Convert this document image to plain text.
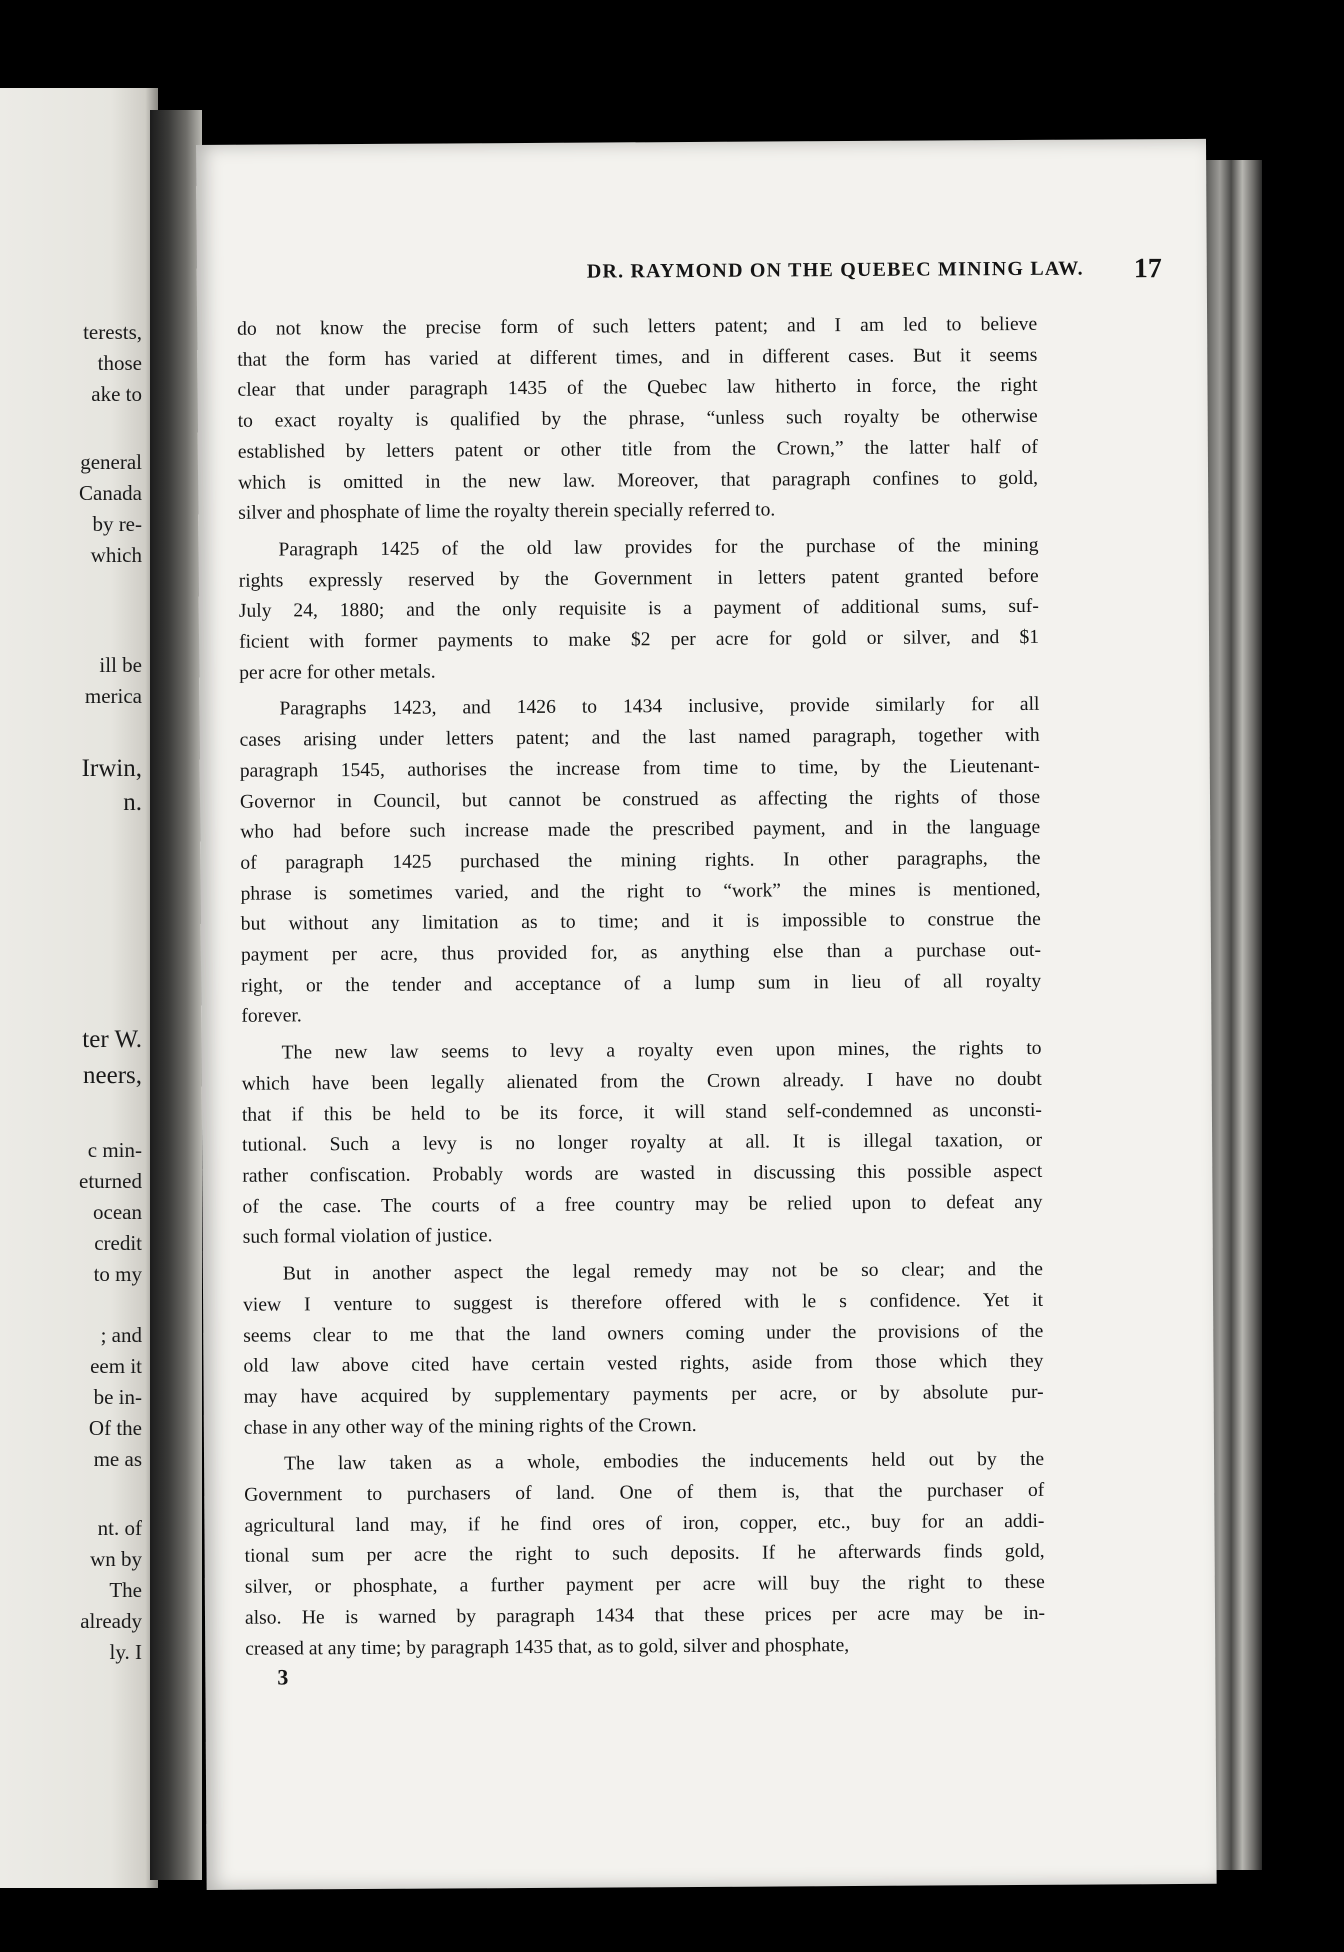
terests,
those
ake to
general
Canada
by re-
which
ill be
merica
Irwin,
n.
ter W.
neers,
c min-
eturned
ocean
credit
to my
; and
eem it
be in-
Of the
me as
nt. of
wn by
The
already
ly. I
DR. RAYMOND ON THE QUEBEC MINING LAW. 17
do not know the precise form of such letters patent; and I am led to believe
that the form has varied at different times, and in different cases. But it seems
clear that under paragraph 1435 of the Quebec law hitherto in force, the right
to exact royalty is qualified by the phrase, “unless such royalty be otherwise
established by letters patent or other title from the Crown,” the latter half of
which is omitted in the new law. Moreover, that paragraph confines to gold,
silver and phosphate of lime the royalty therein specially referred to.
Paragraph 1425 of the old law provides for the purchase of the mining
rights expressly reserved by the Government in letters patent granted before
July 24, 1880; and the only requisite is a payment of additional sums, suf-
ficient with former payments to make $2 per acre for gold or silver, and $1
per acre for other metals.
Paragraphs 1423, and 1426 to 1434 inclusive, provide similarly for all
cases arising under letters patent; and the last named paragraph, together with
paragraph 1545, authorises the increase from time to time, by the Lieutenant-
Governor in Council, but cannot be construed as affecting the rights of those
who had before such increase made the prescribed payment, and in the language
of paragraph 1425 purchased the mining rights. In other paragraphs, the
phrase is sometimes varied, and the right to “work” the mines is mentioned,
but without any limitation as to time; and it is impossible to construe the
payment per acre, thus provided for, as anything else than a purchase out-
right, or the tender and acceptance of a lump sum in lieu of all royalty
forever.
The new law seems to levy a royalty even upon mines, the rights to
which have been legally alienated from the Crown already. I have no doubt
that if this be held to be its force, it will stand self-condemned as unconsti-
tutional. Such a levy is no longer royalty at all. It is illegal taxation, or
rather confiscation. Probably words are wasted in discussing this possible aspect
of the case. The courts of a free country may be relied upon to defeat any
such formal violation of justice.
But in another aspect the legal remedy may not be so clear; and the
view I venture to suggest is therefore offered with le s confidence. Yet it
seems clear to me that the land owners coming under the provisions of the
old law above cited have certain vested rights, aside from those which they
may have acquired by supplementary payments per acre, or by absolute pur-
chase in any other way of the mining rights of the Crown.
The law taken as a whole, embodies the inducements held out by the
Government to purchasers of land. One of them is, that the purchaser of
agricultural land may, if he find ores of iron, copper, etc., buy for an addi-
tional sum per acre the right to such deposits. If he afterwards finds gold,
silver, or phosphate, a further payment per acre will buy the right to these
also. He is warned by paragraph 1434 that these prices per acre may be in-
creased at any time; by paragraph 1435 that, as to gold, silver and phosphate,
3
